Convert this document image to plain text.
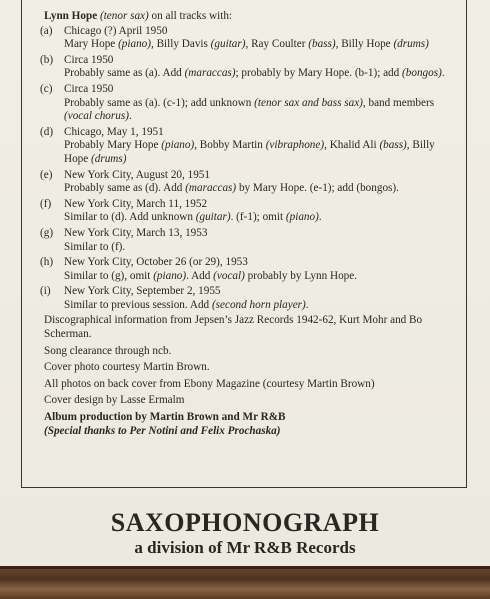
Lynn Hope (tenor sax) on all tracks with:
(a)	Chicago (?) April 1950
Mary Hope (piano), Billy Davis (guitar), Ray Coulter (bass), Billy Hope (drums)
(b) Circa 1950
Probably same as (a). Add (maraccas); probably by Mary Hope. (b-1); add (bongos).
(c)	Circa 1950
Probably same as (a). (c-1); add unknown (tenor sax and bass sax), band members (vocal chorus).
(d) Chicago, May 1, 1951
Probably Mary Hope (piano), Bobby Martin (vibraphone), Khalid Ali (bass), Billy Hope (drums)
(e)	New York City, August 20, 1951
Probably same as (d). Add (maraccas) by Mary Hope. (e-1); add (bongos).
(f)	New York City, March 11, 1952
Similar to (d). Add unknown (guitar). (f-1); omit (piano).
(g) New York City, March 13, 1953
Similar to (f).
(h) New York City, October 26 (or 29), 1953
Similar to (g), omit (piano). Add (vocal) probably by Lynn Hope.
(i)	New York City, September 2, 1955
Similar to previous session. Add (second horn player).
Discographical information from Jepsen’s Jazz Records 1942-62, Kurt Mohr and Bo Scherman.
Song clearance through ncb.
Cover photo courtesy Martin Brown.
All photos on back cover from Ebony Magazine (courtesy Martin Brown)
Cover design by Lasse Ermalm
Album production by Martin Brown and Mr R&B
(Special thanks to Per Notini and Felix Prochaska)
SAXOPHONOGRAPH
a division of Mr R&B Records
